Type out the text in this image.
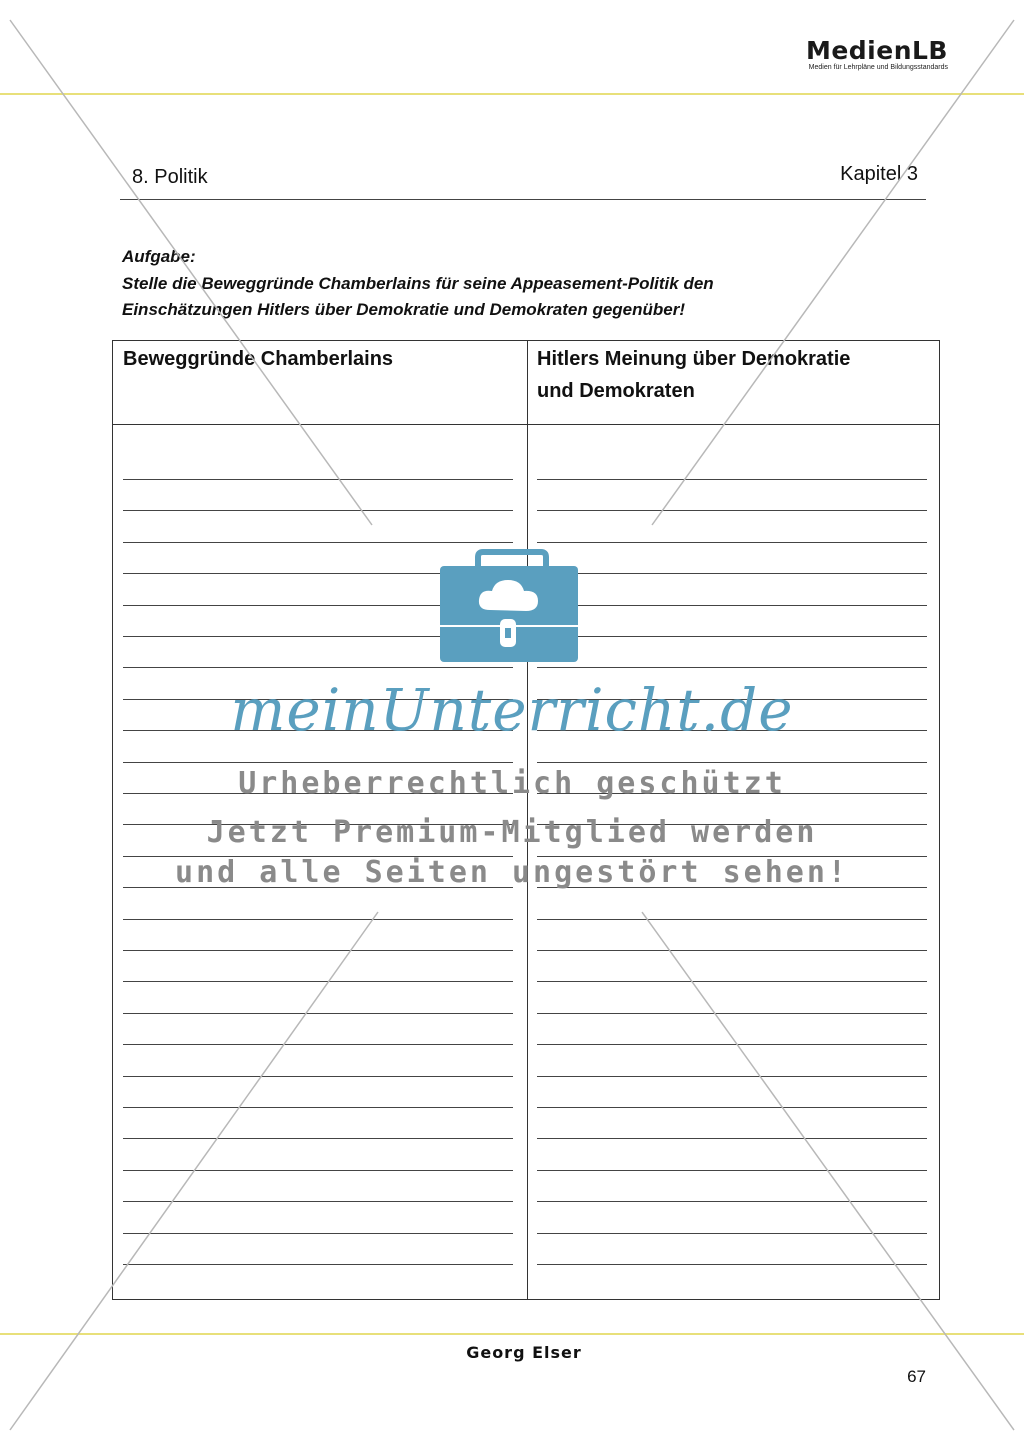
MedienLB
Medien für Lehrpläne und Bildungsstandards
8. Politik	Kapitel 3
Aufgabe:
Stelle die Beweggründe Chamberlains für seine Appeasement-Politik den
Einschätzungen Hitlers über Demokratie und Demokraten gegenüber!
Beweggründe Chamberlains	Hitlers Meinung über Demokratie
und Demokraten
meinUnterricht.de
Urheberrechtlich geschützt
Jetzt Premium-Mitglied werden
und alle Seiten ungestört sehen!
Georg Elser
67
